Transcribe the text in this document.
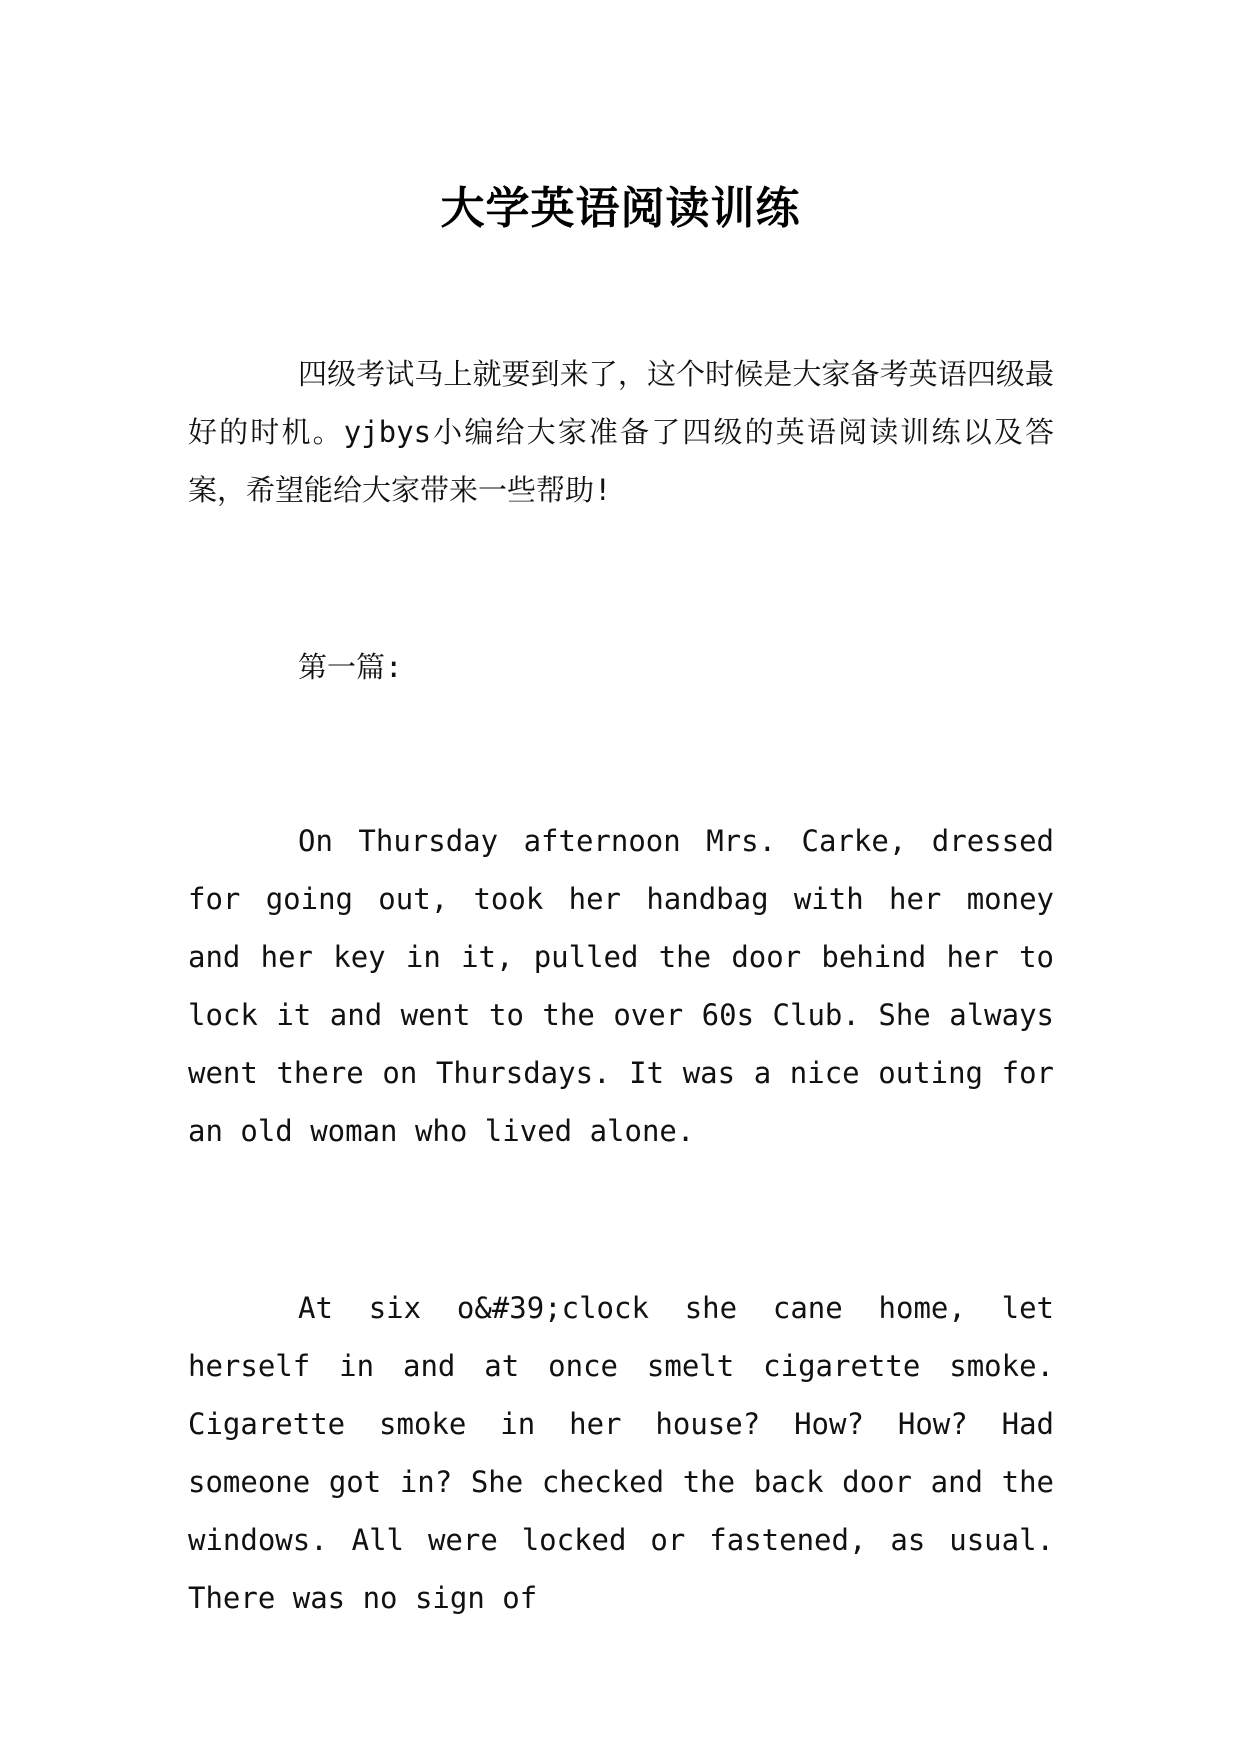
大学英语阅读训练

四级考试马上就要到来了，这个时候是大家备考英语四级最好的时机。yjbys小编给大家准备了四级的英语阅读训练以及答案，希望能给大家带来一些帮助!

第一篇:

On Thursday afternoon Mrs. Carke, dressed for going out, took her handbag with her money and her key in it, pulled the door behind her to lock it and went to the over 60s Club. She always went there on Thursdays. It was a nice outing for an old woman who lived alone.

At six o&#39;clock she cane home, let herself in and at once smelt cigarette smoke. Cigarette smoke in her house? How? How? Had someone got in? She checked the back door and the windows. All were locked or fastened, as usual. There was no sign of
